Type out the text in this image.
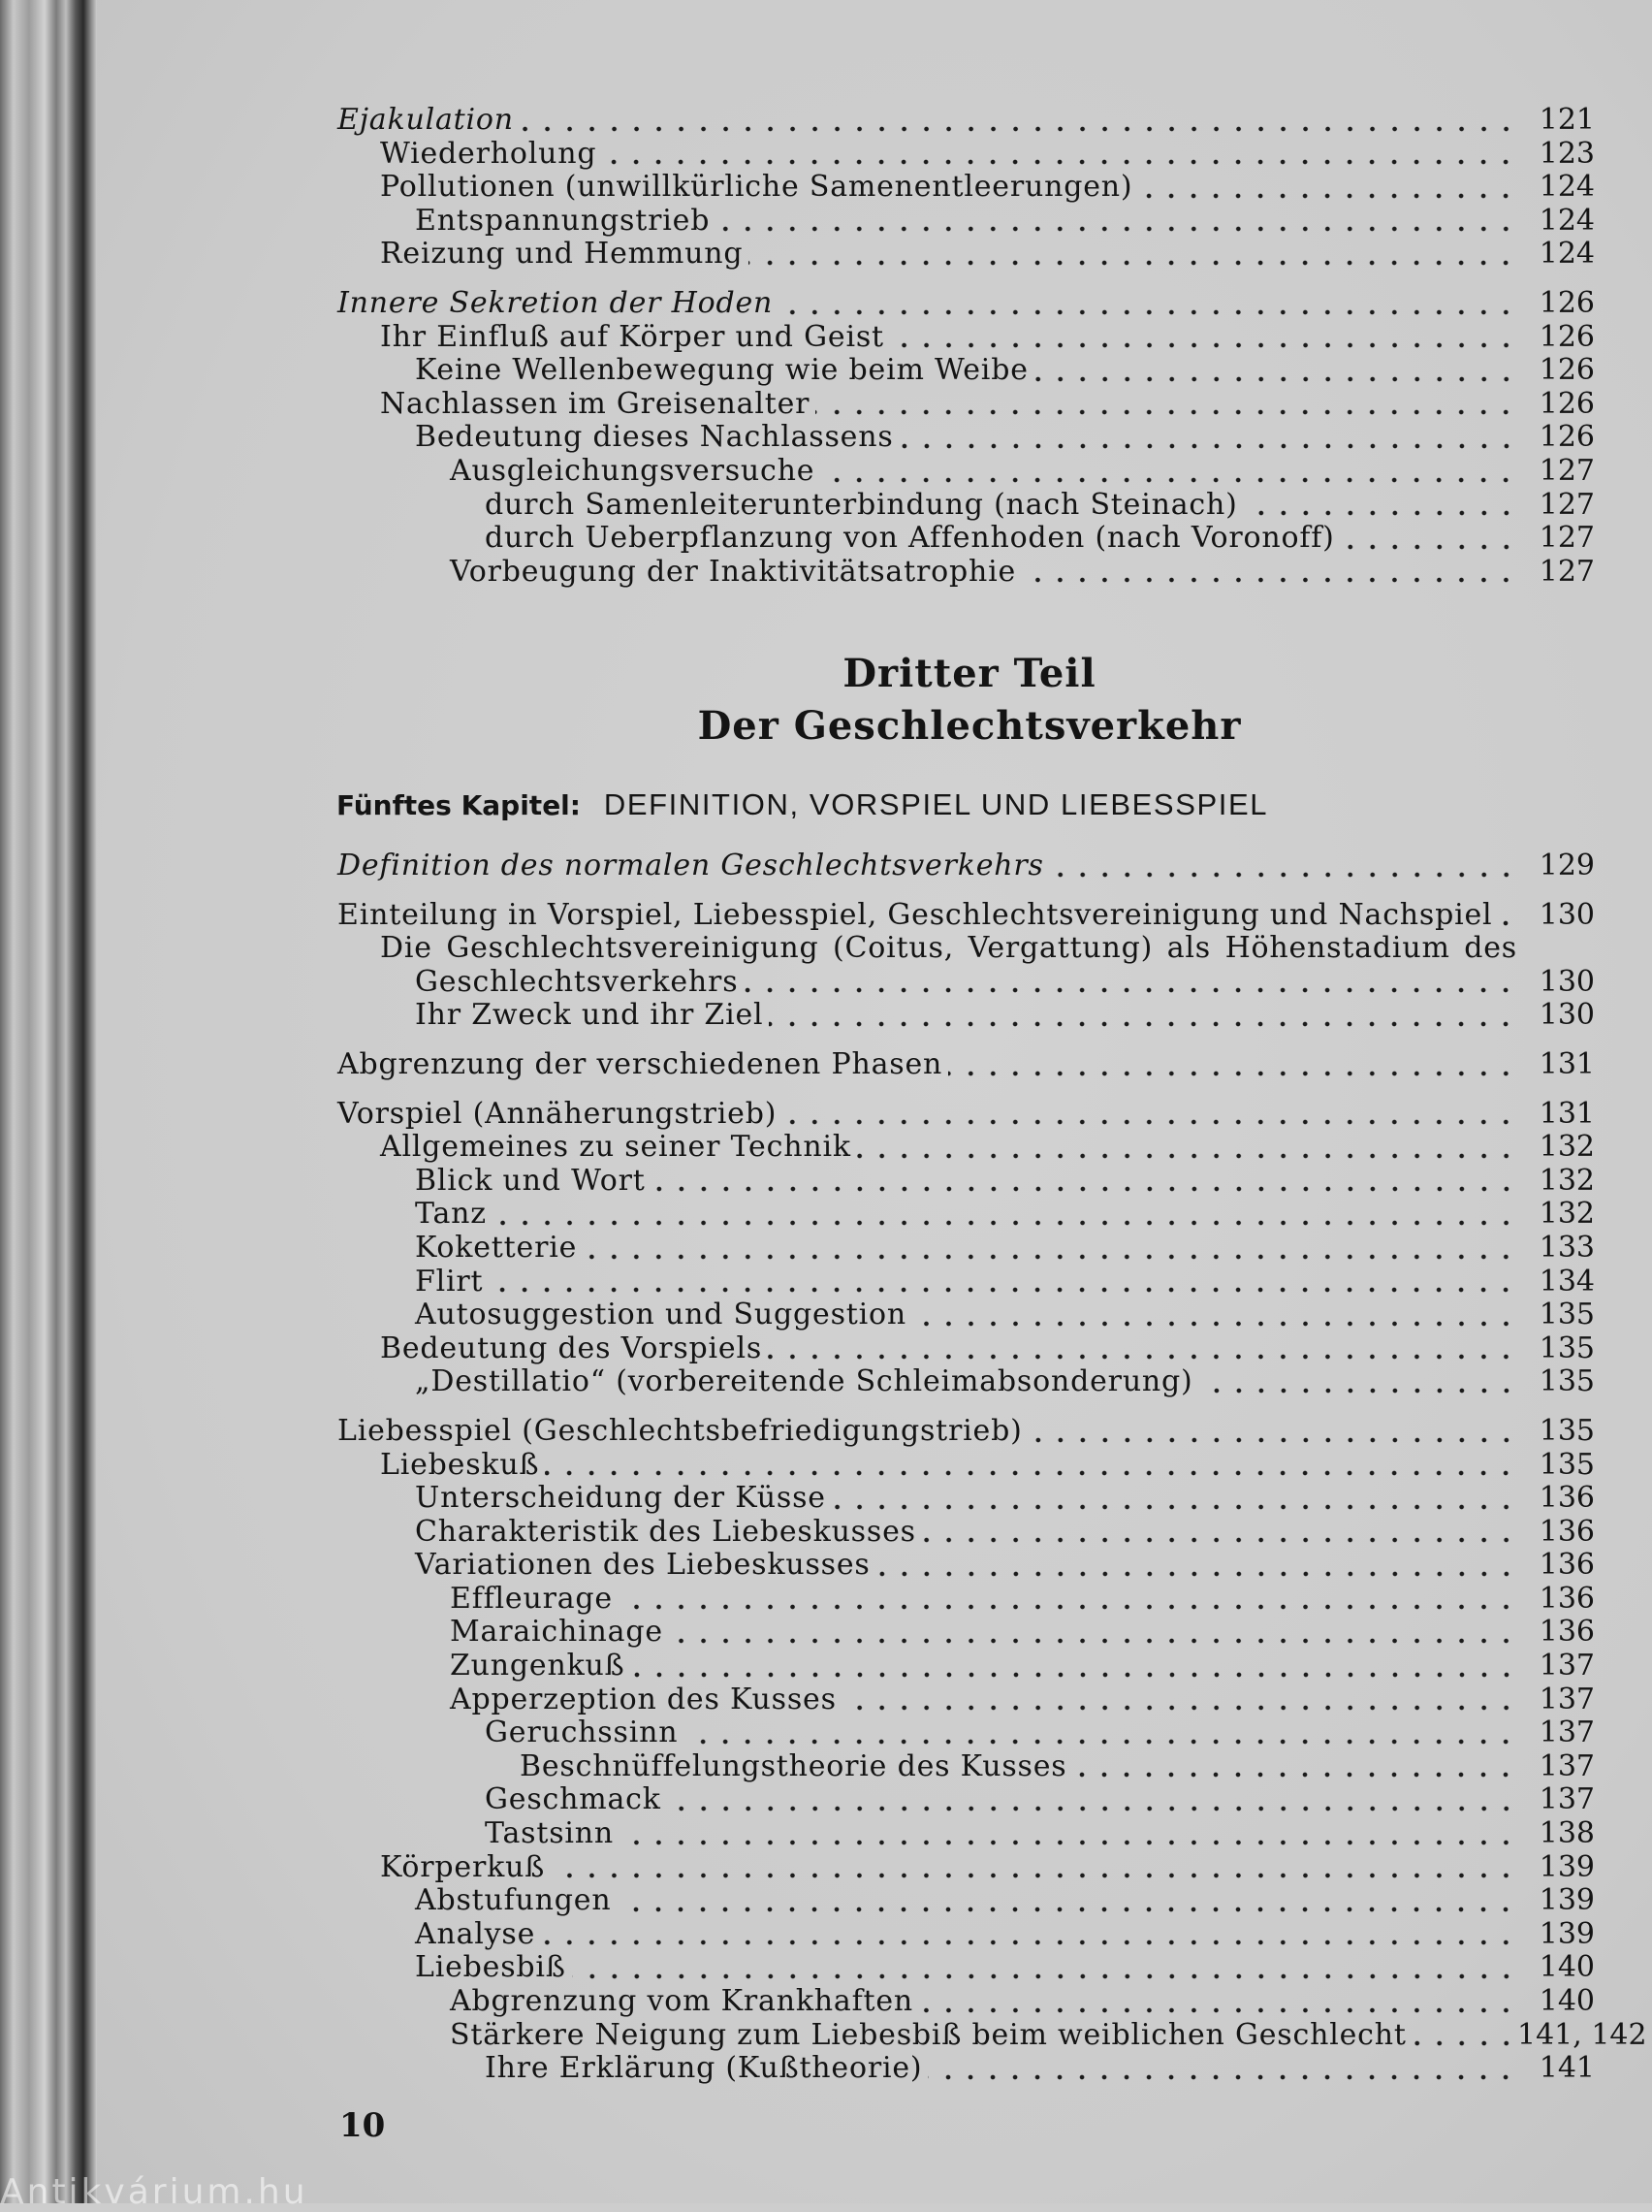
Ejakulation	121
Wiederholung	123
Pollutionen (unwillkürliche Samenentleerungen)	124
Entspannungstrieb	124
Reizung und Hemmung	124
Innere Sekretion der Hoden	126
Ihr Einfluß auf Körper und Geist	126
Keine Wellenbewegung wie beim Weibe	126
Nachlassen im Greisenalter	126
Bedeutung dieses Nachlassens	126
Ausgleichungsversuche	127
durch Samenleiterunterbindung (nach Steinach)	127
durch Ueberpflanzung von Affenhoden (nach Voronoff)	127
Vorbeugung der Inaktivitätsatrophie	127
Dritter Teil
Der Geschlechtsverkehr
Fünftes Kapitel: DEFINITION, VORSPIEL UND LIEBESSPIEL
Definition des normalen Geschlechtsverkehrs	129
Einteilung in Vorspiel, Liebesspiel, Geschlechtsvereinigung und Nachspiel	130
Die Geschlechtsvereinigung (Coitus, Vergattung) als Höhenstadium des
Geschlechtsverkehrs	130
Ihr Zweck und ihr Ziel	130
Abgrenzung der verschiedenen Phasen	131
Vorspiel (Annäherungstrieb)	131
Allgemeines zu seiner Technik	132
Blick und Wort	132
Tanz	132
Koketterie	133
Flirt	134
Autosuggestion und Suggestion	135
Bedeutung des Vorspiels	135
„Destillatio“ (vorbereitende Schleimabsonderung)	135
Liebesspiel (Geschlechtsbefriedigungstrieb)	135
Liebeskuß	135
Unterscheidung der Küsse	136
Charakteristik des Liebeskusses	136
Variationen des Liebeskusses	136
Effleurage	136
Maraichinage	136
Zungenkuß	137
Apperzeption des Kusses	137
Geruchssinn	137
Beschnüffelungstheorie des Kusses	137
Geschmack	137
Tastsinn	138
Körperkuß	139
Abstufungen	139
Analyse	139
Liebesbiß	140
Abgrenzung vom Krankhaften	140
Stärkere Neigung zum Liebesbiß beim weiblichen Geschlecht	141, 142
Ihre Erklärung (Kußtheorie)	141
10
Antikvárium.hu
